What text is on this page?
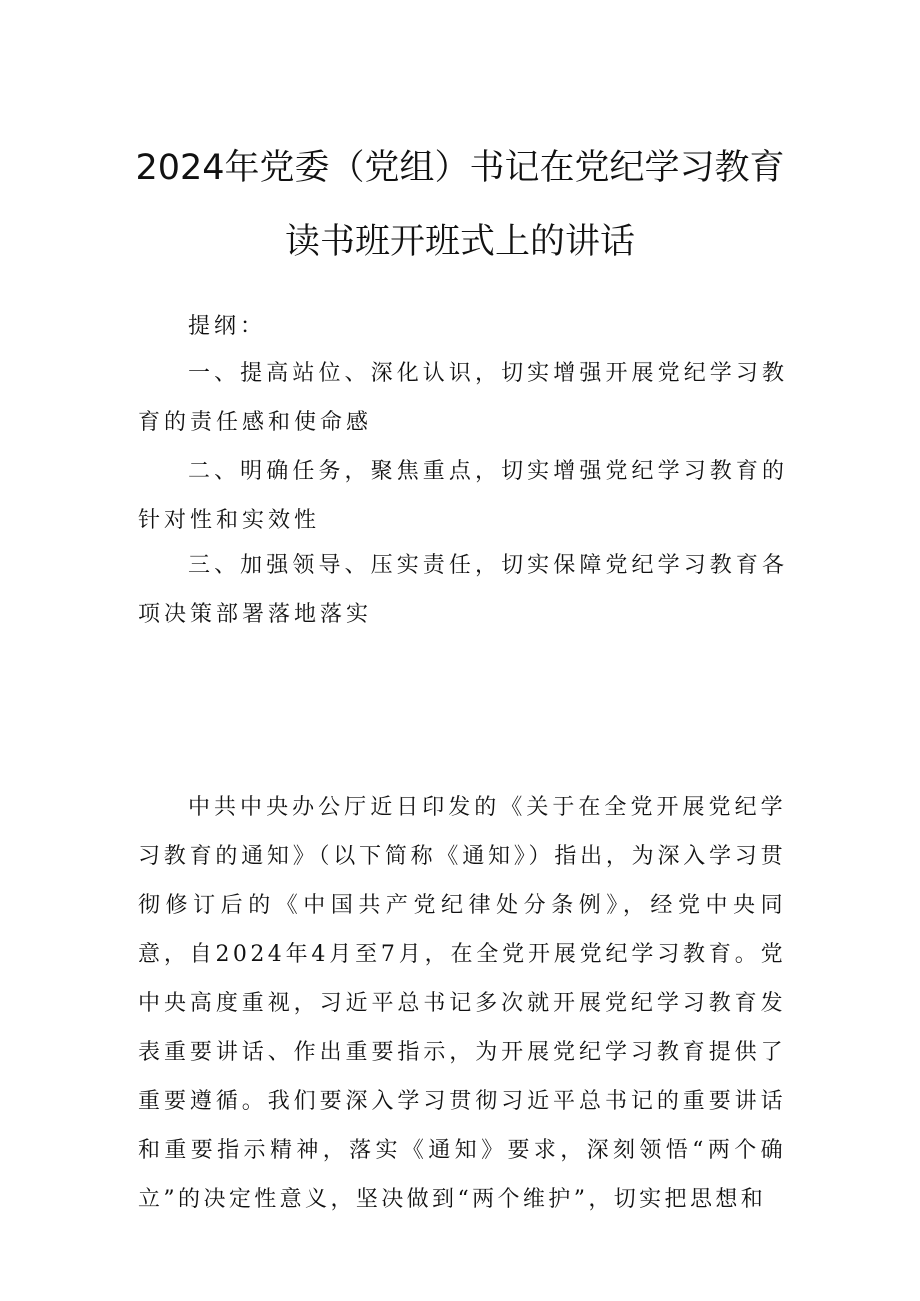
2024年党委（党组）书记在党纪学习教育
读书班开班式上的讲话
提纲：

一、提高站位、深化认识，切实增强开展党纪学习教育的责任感和使命感

二、明确任务，聚焦重点，切实增强党纪学习教育的针对性和实效性

三、加强领导、压实责任，切实保障党纪学习教育各项决策部署落地落实

中共中央办公厅近日印发的《关于在全党开展党纪学习教育的通知》（以下简称《通知》）指出，为深入学习贯彻修订后的《中国共产党纪律处分条例》，经党中央同意，自2024年4月至7月，在全党开展党纪学习教育。党中央高度重视，习近平总书记多次就开展党纪学习教育发表重要讲话、作出重要指示，为开展党纪学习教育提供了重要遵循。我们要深入学习贯彻习近平总书记的重要讲话和重要指示精神，落实《通知》要求，深刻领悟“两个确立”的决定性意义，坚决做到“两个维护”，切实把思想和
